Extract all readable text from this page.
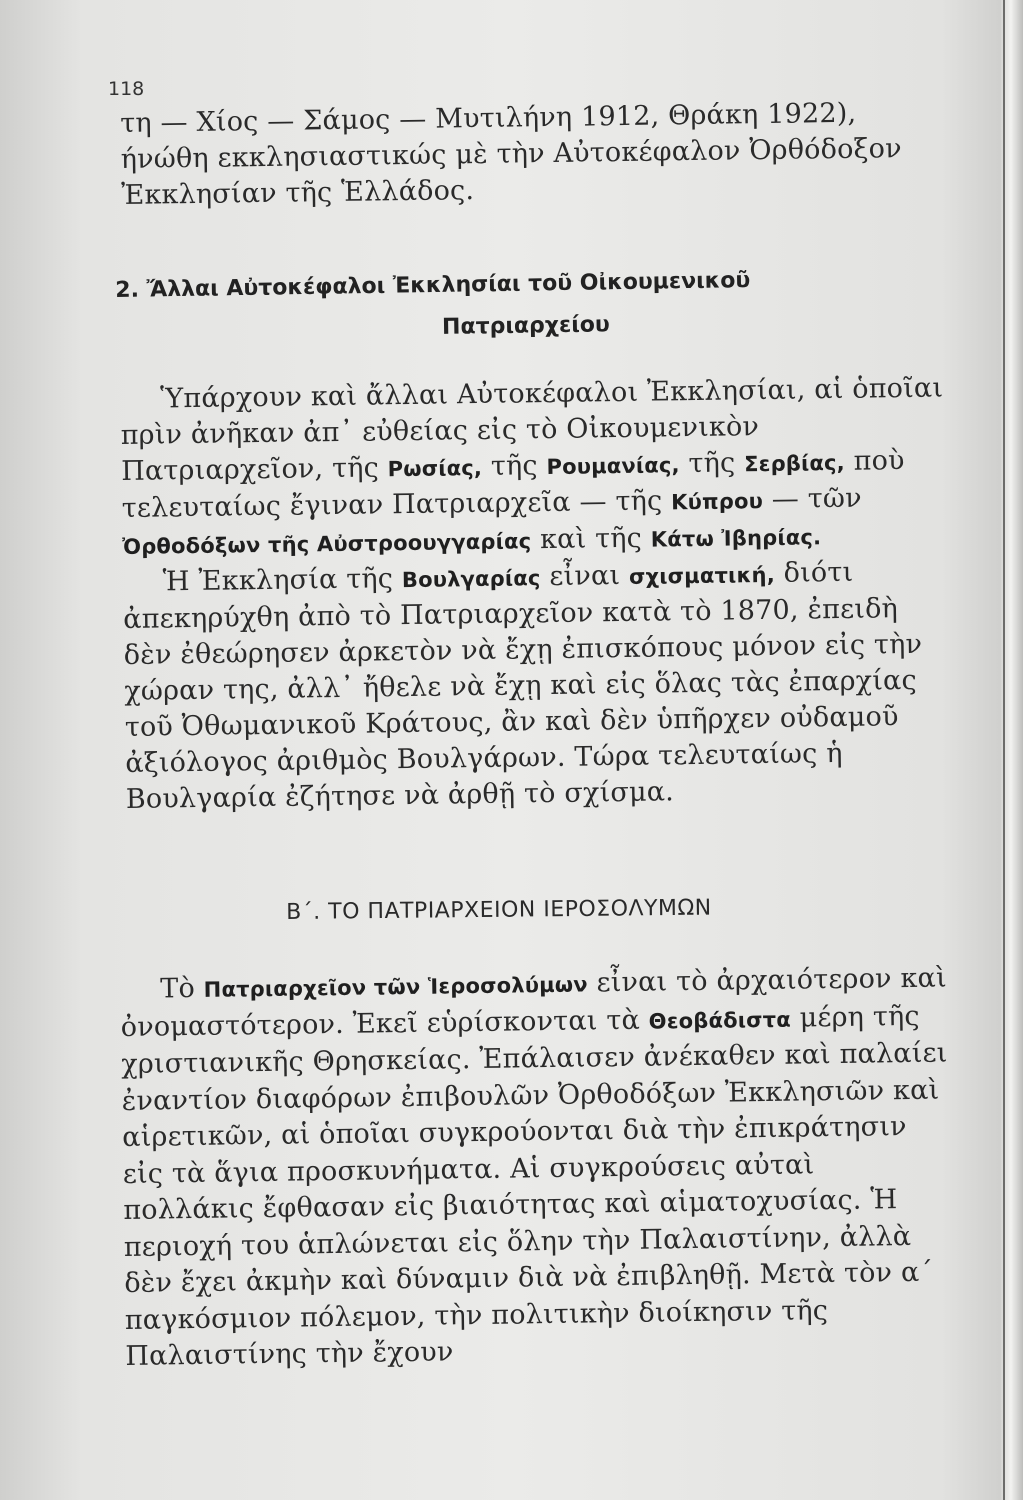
118

τη — Χίος — Σάμος — Μυτιλήνη 1912, Θράκη 1922), ήνώθη εκκλησιαστικώς μὲ τὴν Αὐτοκέφαλον Ὀρθόδοξον Ἐκκλησίαν τῆς Ἑλλάδος.

2. Ἄλλαι Αὐτοκέφαλοι Ἐκκλησίαι τοῦ Οἰκουμενικοῦ
Πατριαρχείου

Ὑπάρχουν καὶ ἄλλαι Αὐτοκέφαλοι Ἐκκλησίαι, αἱ ὁποῖαι πρὶν ἀνῆκαν ἀπ᾽ εὐθείας εἰς τὸ Οἰκουμενικὸν Πατριαρχεῖον, τῆς Ρωσίας, τῆς Ρουμανίας, τῆς Σερβίας, ποὺ τελευταίως ἔγιναν Πατριαρχεῖα — τῆς Κύπρου — τῶν Ὀρθοδόξων τῆς Αὐστροουγγαρίας καὶ τῆς Κάτω Ἰβηρίας.

Ἡ Ἐκκλησία τῆς Βουλγαρίας εἶναι σχισματική, διότι ἀπεκηρύχθη ἀπὸ τὸ Πατριαρχεῖον κατὰ τὸ 1870, ἐπειδὴ δὲν ἐθεώρησεν ἀρκετὸν νὰ ἔχῃ ἐπισκόπους μόνον εἰς τὴν χώραν της, ἀλλ᾽ ἤθελε νὰ ἔχῃ καὶ εἰς ὅλας τὰς ἐπαρχίας τοῦ Ὀθωμανικοῦ Κράτους, ἂν καὶ δὲν ὑπῆρχεν οὐδαμοῦ ἀξιόλογος ἀριθμὸς Βουλγάρων. Τώρα τελευταίως ἡ Βουλγαρία ἐζήτησε νὰ ἀρθῇ τὸ σχίσμα.

Β΄. ΤΟ ΠΑΤΡΙΑΡΧΕΙΟΝ ΙΕΡΟΣΟΛΥΜΩΝ

Τὸ Πατριαρχεῖον τῶν Ἱεροσολύμων εἶναι τὸ ἀρχαιότερον καὶ ὀνομαστότερον. Ἐκεῖ εὑρίσκονται τὰ Θεοβάδιστα μέρη τῆς χριστιανικῆς Θρησκείας. Ἐπάλαισεν ἀνέκαθεν καὶ παλαίει ἐναντίον διαφόρων ἐπιβουλῶν Ὀρθοδόξων Ἐκκλησιῶν καὶ αἱρετικῶν, αἱ ὁποῖαι συγκρούονται διὰ τὴν ἐπικράτησιν εἰς τὰ ἅγια προσκυνήματα. Αἱ συγκρούσεις αὐταὶ πολλάκις ἔφθασαν εἰς βιαιότητας καὶ αἱματοχυσίας. Ἡ περιοχή του ἁπλώνεται εἰς ὅλην τὴν Παλαιστίνην, ἀλλὰ δὲν ἔχει ἀκμὴν καὶ δύναμιν διὰ νὰ ἐπιβληθῇ. Μετὰ τὸν α΄ παγκόσμιον πόλεμον, τὴν πολιτικὴν διοίκησιν τῆς Παλαιστίνης τὴν ἔχουν
